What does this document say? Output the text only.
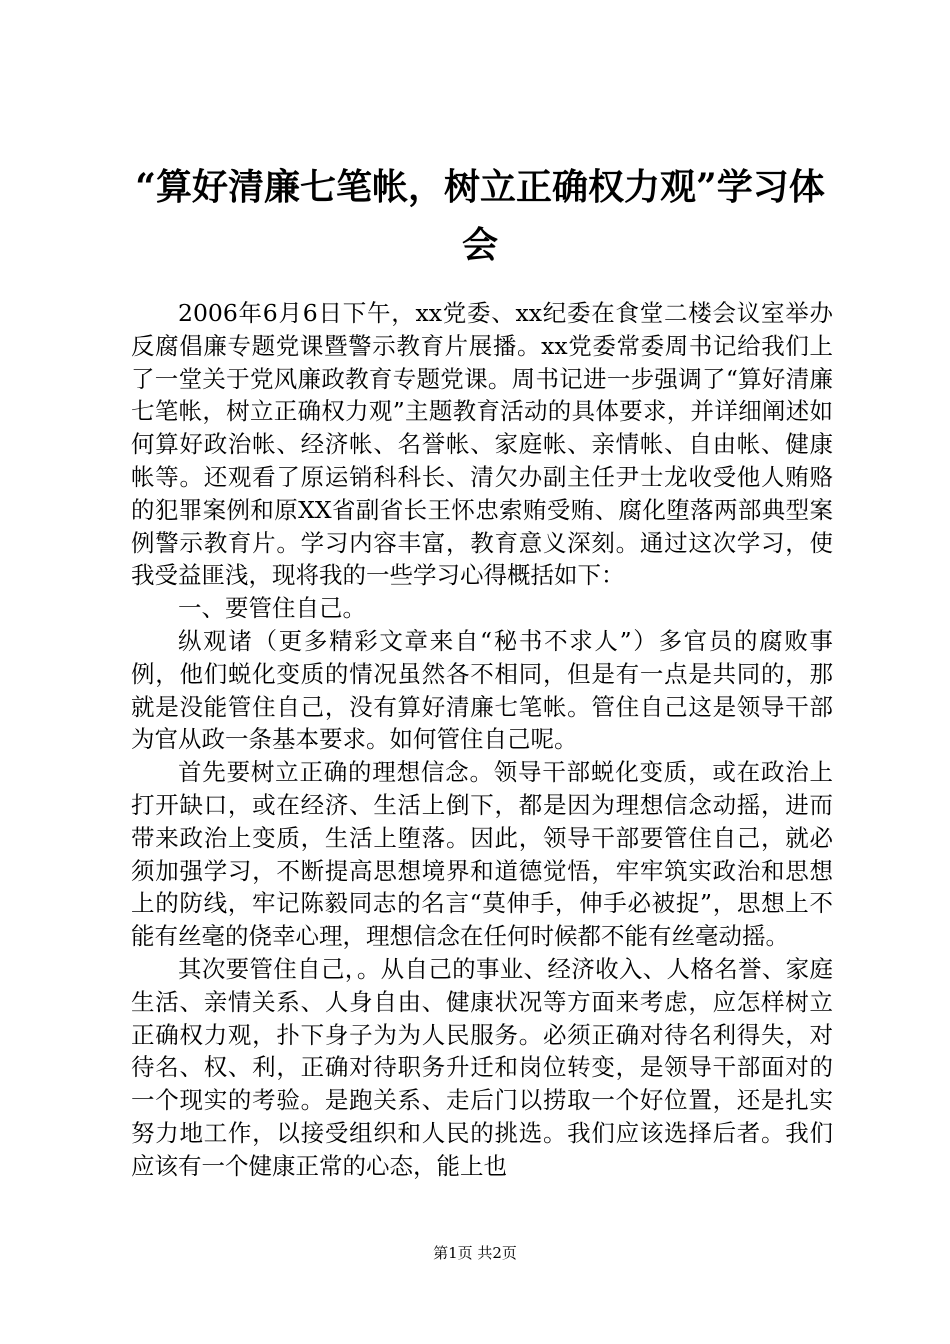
“算好清廉七笔帐，树立正确权力观”学习体会

2006年6月6日下午，xx党委、xx纪委在食堂二楼会议室举办反腐倡廉专题党课暨警示教育片展播。xx党委常委周书记给我们上了一堂关于党风廉政教育专题党课。周书记进一步强调了“算好清廉七笔帐，树立正确权力观”主题教育活动的具体要求，并详细阐述如何算好政治帐、经济帐、名誉帐、家庭帐、亲情帐、自由帐、健康帐等。还观看了原运销科科长、清欠办副主任尹士龙收受他人贿赂的犯罪案例和原XX省副省长王怀忠索贿受贿、腐化堕落两部典型案例警示教育片。学习内容丰富，教育意义深刻。通过这次学习，使我受益匪浅，现将我的一些学习心得概括如下：

一、要管住自己。

纵观诸（更多精彩文章来自“秘书不求人”）多官员的腐败事例，他们蜕化变质的情况虽然各不相同，但是有一点是共同的，那就是没能管住自己，没有算好清廉七笔帐。管住自己这是领导干部为官从政一条基本要求。如何管住自己呢。

首先要树立正确的理想信念。领导干部蜕化变质，或在政治上打开缺口，或在经济、生活上倒下，都是因为理想信念动摇，进而带来政治上变质，生活上堕落。因此，领导干部要管住自己，就必须加强学习，不断提高思想境界和道德觉悟，牢牢筑实政治和思想上的防线，牢记陈毅同志的名言“莫伸手，伸手必被捉”，思想上不能有丝毫的侥幸心理，理想信念在任何时候都不能有丝毫动摇。

其次要管住自己，。从自己的事业、经济收入、人格名誉、家庭生活、亲情关系、人身自由、健康状况等方面来考虑，应怎样树立正确权力观，扑下身子为为人民服务。必须正确对待名利得失，对待名、权、利，正确对待职务升迁和岗位转变，是领导干部面对的一个现实的考验。是跑关系、走后门以捞取一个好位置，还是扎实努力地工作，以接受组织和人民的挑选。我们应该选择后者。我们应该有一个健康正常的心态，能上也

第1页 共2页
